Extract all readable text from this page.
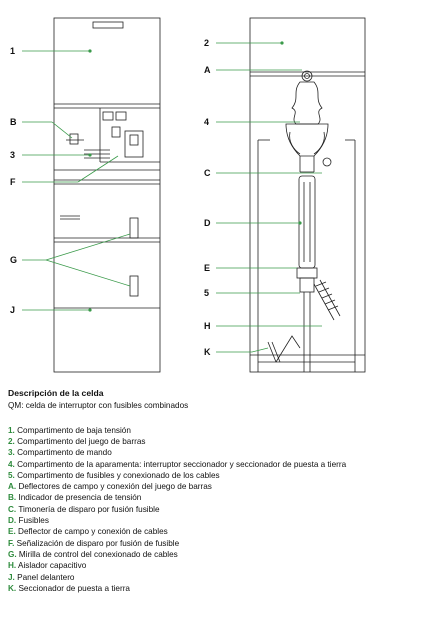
1
B
3
F
G
J
2
A
4
C
D
E
5
H
K
Descripción de la celda
QM: celda de interruptor con fusibles combinados
1. Compartimento de baja tensión
2. Compartimento del juego de barras
3. Compartimento de mando
4. Compartimento de la aparamenta: interruptor seccionador y seccionador de puesta a tierra
5. Compartimento de fusibles y conexionado de los cables
A. Deflectores de campo y conexión del juego de barras
B. Indicador de presencia de tensión
C. Timonería de disparo por fusión fusible
D. Fusibles
E. Deflector de campo y conexión de cables
F. Señalización de disparo por fusión de fusible
G. Mirilla de control del conexionado de cables
H. Aislador capacitivo
J. Panel delantero
K. Seccionador de puesta a tierra
